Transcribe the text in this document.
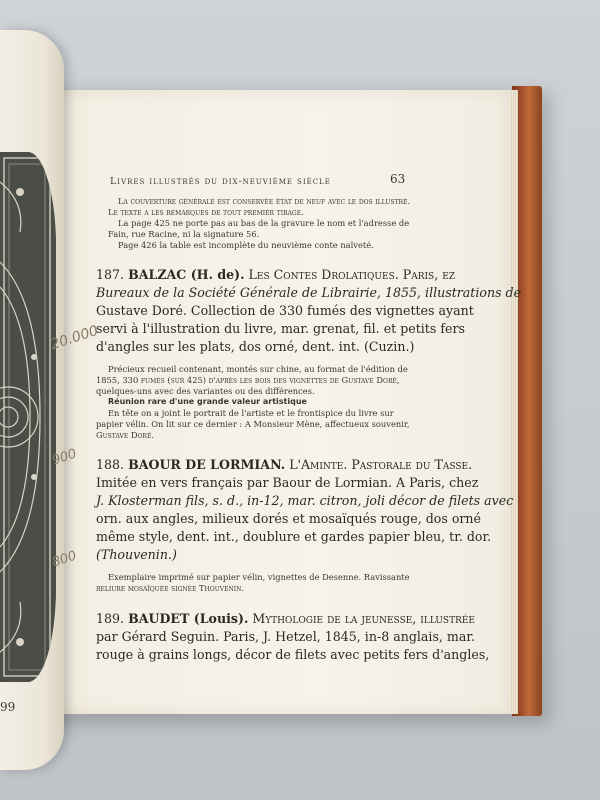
Livres illustrés du dix-neuvième siècle	63
La couverture générale est conservée état de neuf avec le dos illustré.
Le texte a les remarques de tout premier tirage.
La page 425 ne porte pas au bas de la gravure le nom et l'adresse de
Fain, rue Racine, ni la signature 56.
Page 426 la table est incomplète du neuvième conte naïveté.
187. BALZAC (H. de). Les Contes Drolatiques. Paris, ez
Bureaux de la Société Générale de Librairie, 1855, illustrations de
Gustave Doré. Collection de 330 fumés des vignettes ayant
servi à l'illustration du livre, mar. grenat, fil. et petits fers
d'angles sur les plats, dos orné, dent. int. (Cuzin.)
Précieux recueil contenant, montés sur chine, au format de l'édition de
1855, 330 fumés (sur 425) d'après les bois des vignettes de Gustave Doré,
quelques-uns avec des variantes ou des différences.
Réunion rare d'une grande valeur artistique
En tête on a joint le portrait de l'artiste et le frontispice du livre sur
papier vélin. On lit sur ce dernier : A Monsieur Mène, affectueux souvenir,
Gustave Doré.
188. BAOUR DE LORMIAN. L'Aminte. Pastorale du Tasse.
Imitée en vers français par Baour de Lormian. A Paris, chez
J. Klosterman fils, s. d., in-12, mar. citron, joli décor de filets avec
orn. aux angles, milieux dorés et mosaïqués rouge, dos orné
même style, dent. int., doublure et gardes papier bleu, tr. dor.
(Thouvenin.)
Exemplaire imprimé sur papier vélin, vignettes de Desenne. Ravissante
reliure mosaïquée signée Thouvenin.
189. BAUDET (Louis). Mythologie de la jeunesse, illustrée
par Gérard Seguin. Paris, J. Hetzel, 1845, in-8 anglais, mar.
rouge à grains longs, décor de filets avec petits fers d'angles,
99
20.000
900
800
